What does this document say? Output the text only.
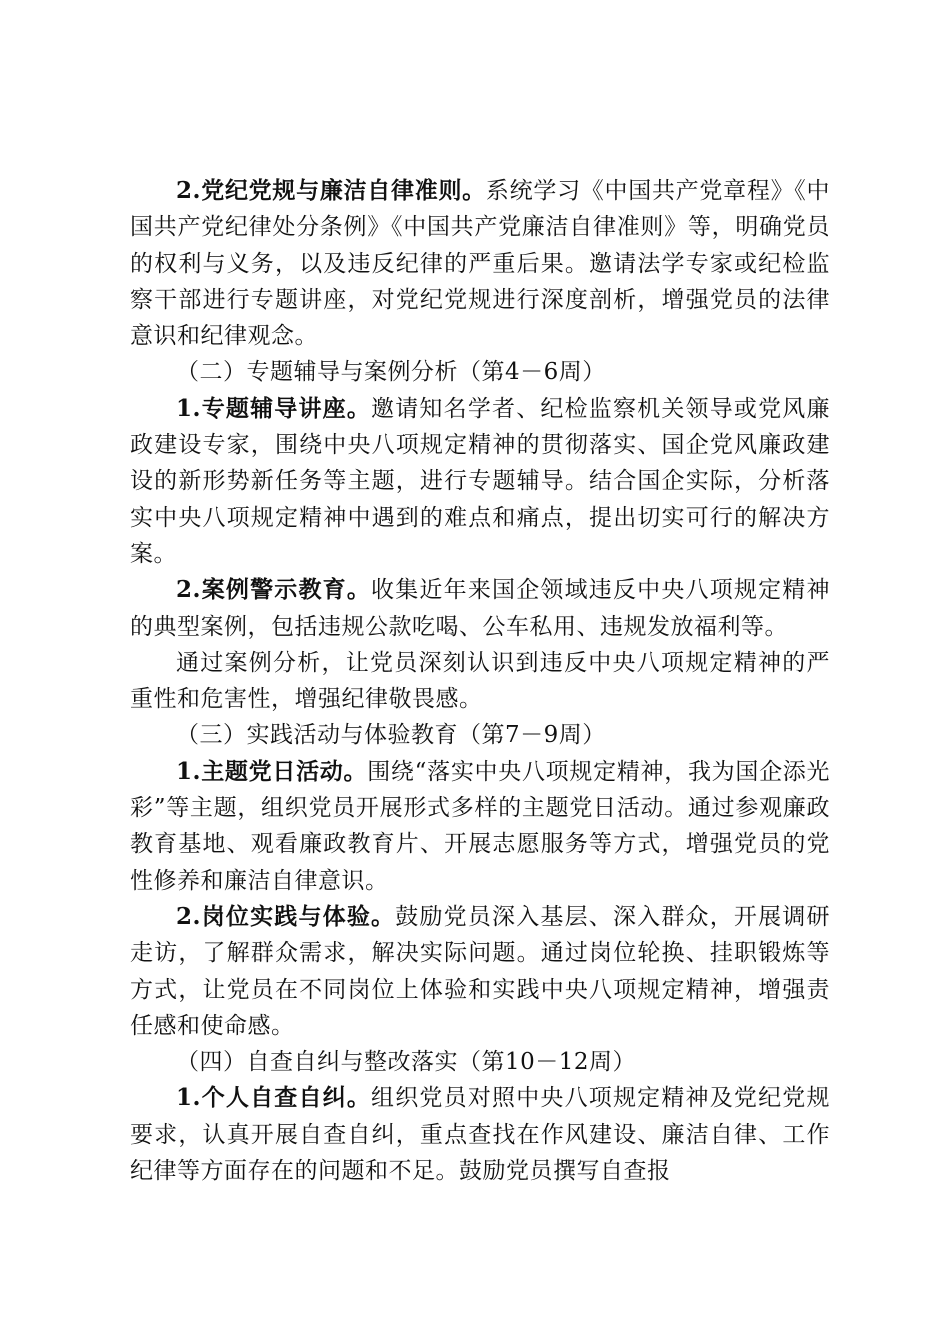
2.党纪党规与廉洁自律准则。系统学习《中国共产党章程》《中国共产党纪律处分条例》《中国共产党廉洁自律准则》等，明确党员的权利与义务，以及违反纪律的严重后果。邀请法学专家或纪检监察干部进行专题讲座，对党纪党规进行深度剖析，增强党员的法律意识和纪律观念。

（二）专题辅导与案例分析（第4－6周）

1.专题辅导讲座。邀请知名学者、纪检监察机关领导或党风廉政建设专家，围绕中央八项规定精神的贯彻落实、国企党风廉政建设的新形势新任务等主题，进行专题辅导。结合国企实际，分析落实中央八项规定精神中遇到的难点和痛点，提出切实可行的解决方案。

2.案例警示教育。收集近年来国企领域违反中央八项规定精神的典型案例，包括违规公款吃喝、公车私用、违规发放福利等。

通过案例分析，让党员深刻认识到违反中央八项规定精神的严重性和危害性，增强纪律敬畏感。

（三）实践活动与体验教育（第7－9周）

1.主题党日活动。围绕“落实中央八项规定精神，我为国企添光彩”等主题，组织党员开展形式多样的主题党日活动。通过参观廉政教育基地、观看廉政教育片、开展志愿服务等方式，增强党员的党性修养和廉洁自律意识。

2.岗位实践与体验。鼓励党员深入基层、深入群众，开展调研走访，了解群众需求，解决实际问题。通过岗位轮换、挂职锻炼等方式，让党员在不同岗位上体验和实践中央八项规定精神，增强责任感和使命感。

（四）自查自纠与整改落实（第10－12周）

1.个人自查自纠。组织党员对照中央八项规定精神及党纪党规要求，认真开展自查自纠，重点查找在作风建设、廉洁自律、工作纪律等方面存在的问题和不足。鼓励党员撰写自查报
